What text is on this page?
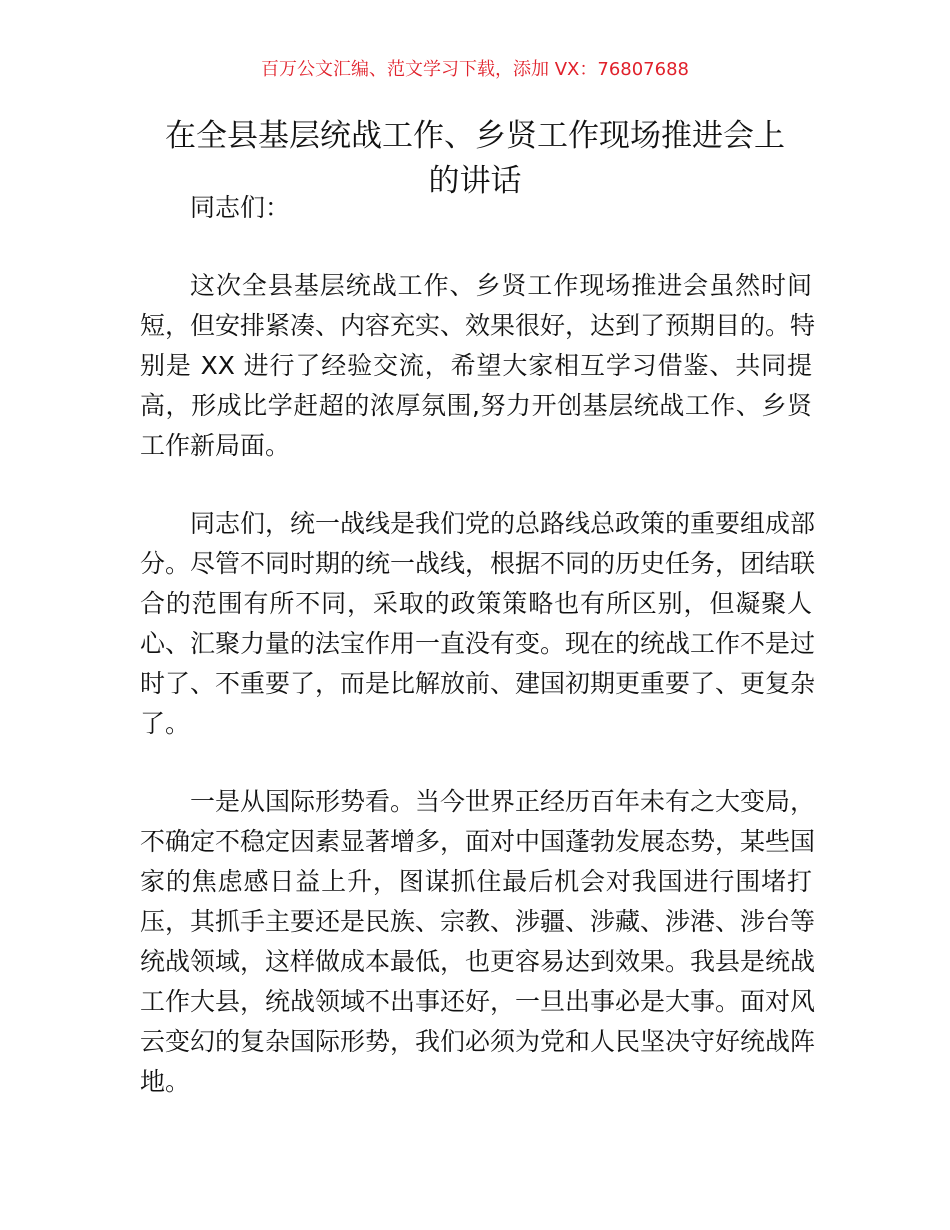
百万公文汇编、范文学习下载，添加 VX：76807688
在全县基层统战工作、乡贤工作现场推进会上
的讲话
同志们：
这次全县基层统战工作、乡贤工作现场推进会虽然时间
短，但安排紧凑、内容充实、效果很好，达到了预期目的。特
别是 XX 进行了经验交流，希望大家相互学习借鉴、共同提
高，形成比学赶超的浓厚氛围,努力开创基层统战工作、乡贤
工作新局面。
同志们，统一战线是我们党的总路线总政策的重要组成部
分。尽管不同时期的统一战线，根据不同的历史任务，团结联
合的范围有所不同，采取的政策策略也有所区别，但凝聚人
心、汇聚力量的法宝作用一直没有变。现在的统战工作不是过
时了、不重要了，而是比解放前、建国初期更重要了、更复杂
了。
一是从国际形势看。当今世界正经历百年未有之大变局，
不确定不稳定因素显著增多，面对中国蓬勃发展态势，某些国
家的焦虑感日益上升，图谋抓住最后机会对我国进行围堵打
压，其抓手主要还是民族、宗教、涉疆、涉藏、涉港、涉台等
统战领域，这样做成本最低，也更容易达到效果。我县是统战
工作大县，统战领域不出事还好，一旦出事必是大事。面对风
云变幻的复杂国际形势，我们必须为党和人民坚决守好统战阵
地。
